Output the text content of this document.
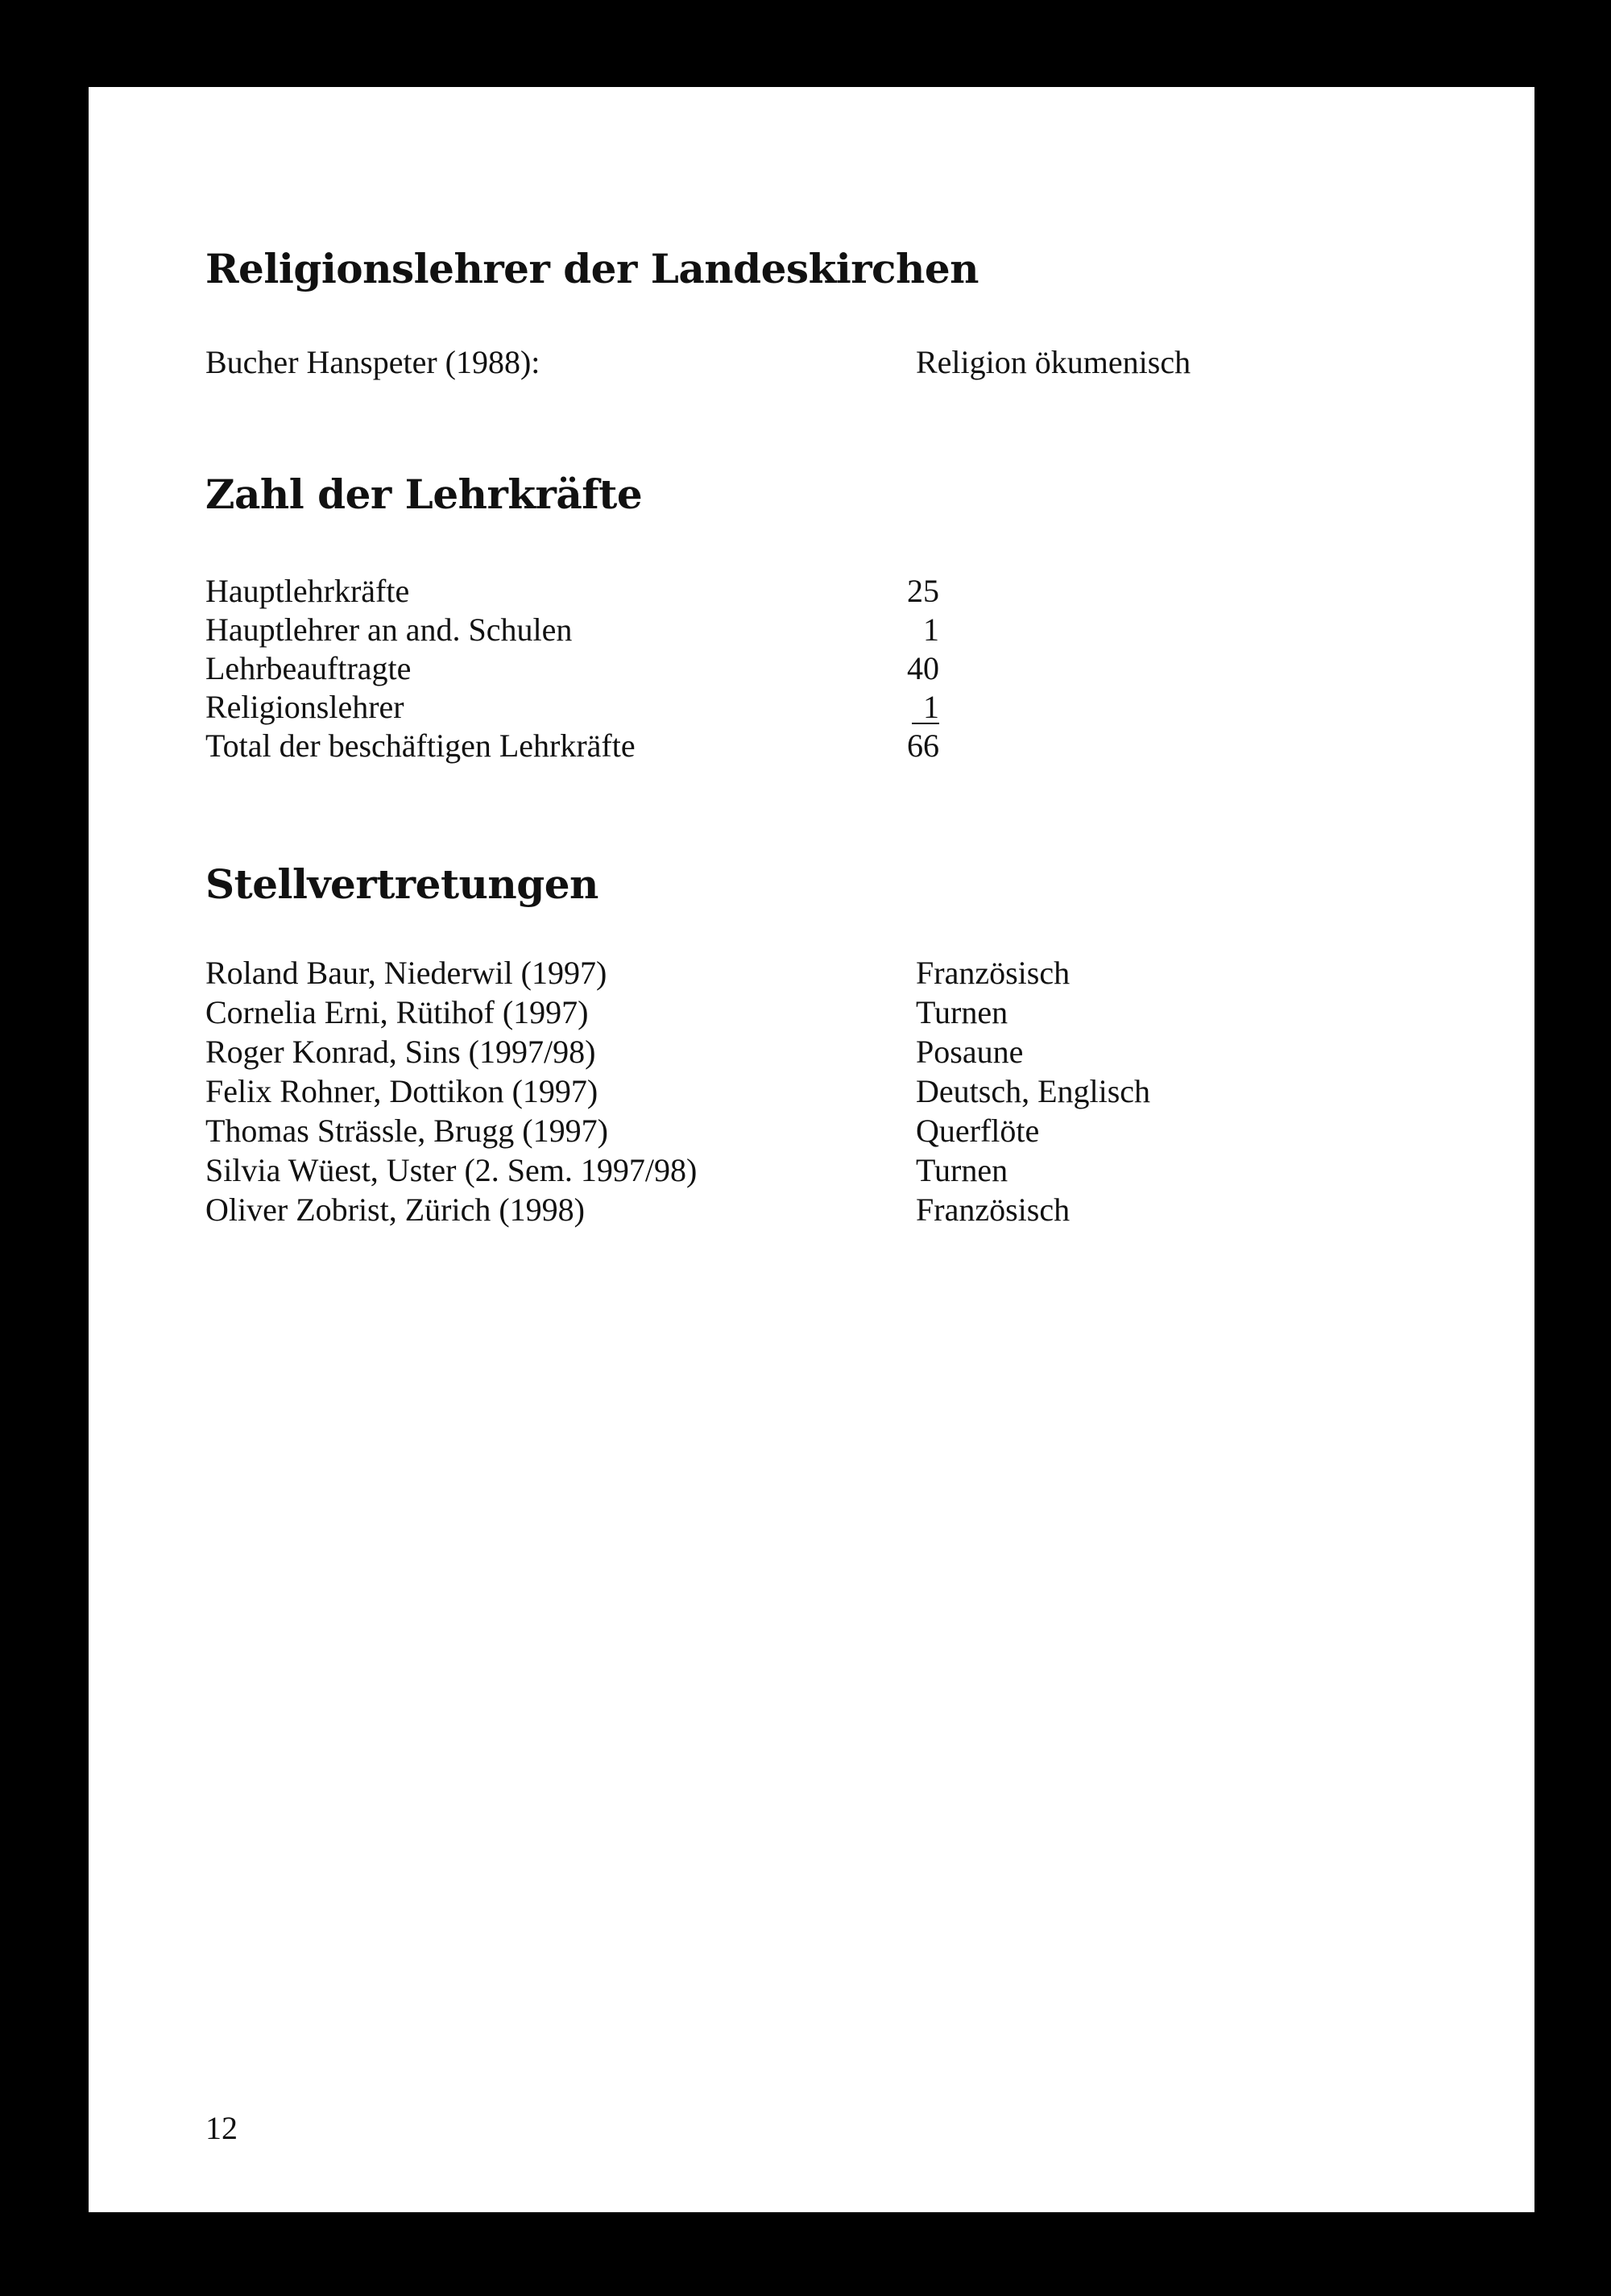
Religionslehrer der Landeskirchen
Bucher Hanspeter (1988):	Religion ökumenisch
Zahl der Lehrkräfte
Hauptlehrkräfte	25
Hauptlehrer an and. Schulen	1
Lehrbeauftragte	40
Religionslehrer	1
Total der beschäftigen Lehrkräfte	66
Stellvertretungen
Roland Baur, Niederwil (1997)	Französisch
Cornelia Erni, Rütihof (1997)	Turnen
Roger Konrad, Sins (1997/98)	Posaune
Felix Rohner, Dottikon (1997)	Deutsch, Englisch
Thomas Strässle, Brugg (1997)	Querflöte
Silvia Wüest, Uster (2. Sem. 1997/98)	Turnen
Oliver Zobrist, Zürich (1998)	Französisch
12
